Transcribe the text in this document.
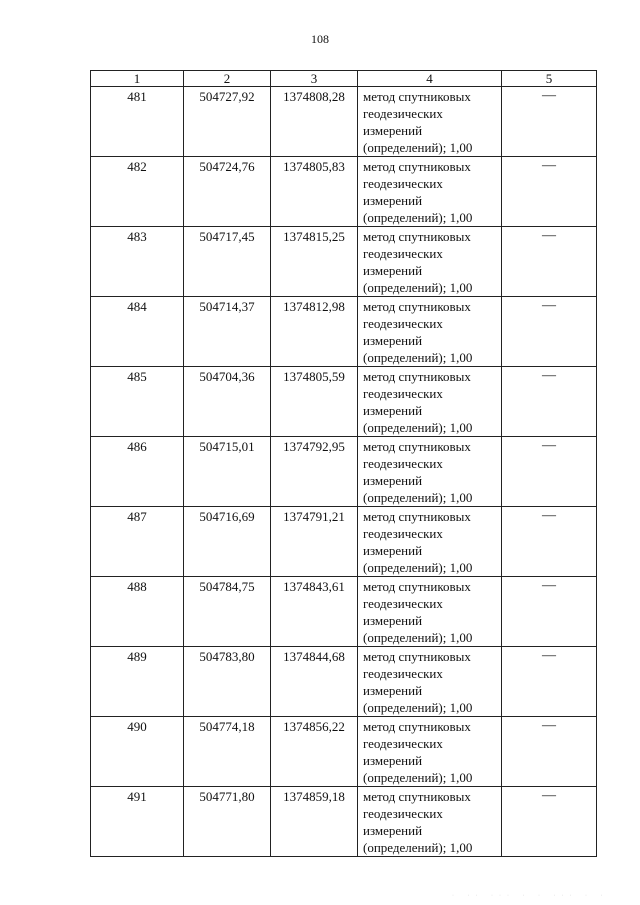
108
1	2	3	4	5
481	504727,92	1374808,28	метод спутниковых геодезических измерений (определений); 1,00	—
482	504724,76	1374805,83	метод спутниковых геодезических измерений (определений); 1,00	—
483	504717,45	1374815,25	метод спутниковых геодезических измерений (определений); 1,00	—
484	504714,37	1374812,98	метод спутниковых геодезических измерений (определений); 1,00	—
485	504704,36	1374805,59	метод спутниковых геодезических измерений (определений); 1,00	—
486	504715,01	1374792,95	метод спутниковых геодезических измерений (определений); 1,00	—
487	504716,69	1374791,21	метод спутниковых геодезических измерений (определений); 1,00	—
488	504784,75	1374843,61	метод спутниковых геодезических измерений (определений); 1,00	—
489	504783,80	1374844,68	метод спутниковых геодезических измерений (определений); 1,00	—
490	504774,18	1374856,22	метод спутниковых геодезических измерений (определений); 1,00	—
491	504771,80	1374859,18	метод спутниковых геодезических измерений (определений); 1,00	—
· ·· ··· · · ··· · ·
